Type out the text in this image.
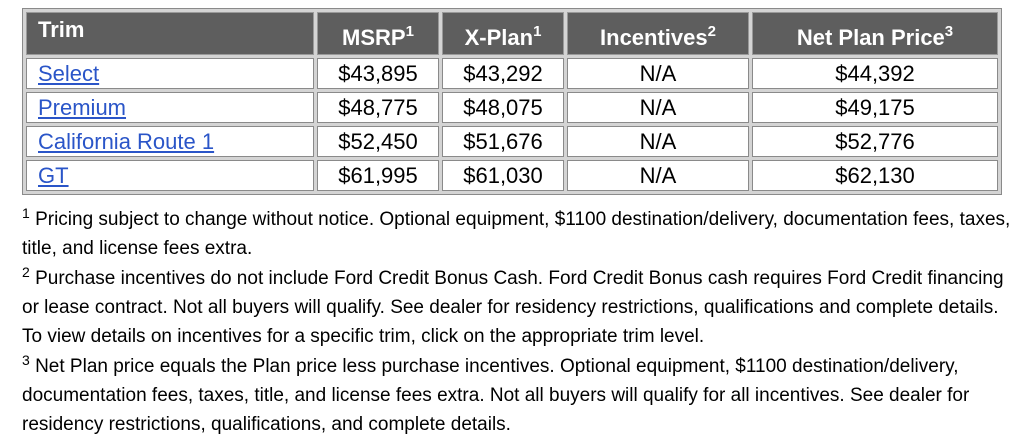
Trim	MSRP$^1$	X-Plan$^1$	Incentives$^2$	Net Plan Price$^3$
Select	$43,895	$43,292	N/A	$44,392
Premium	$48,775	$48,075	N/A	$49,175
California Route 1	$52,450	$51,676	N/A	$52,776
GT	$61,995	$61,030	N/A	$62,130

$^1$ Pricing subject to change without notice. Optional equipment, $1100 destination/delivery, documentation fees, taxes, title, and license fees extra.

$^2$ Purchase incentives do not include Ford Credit Bonus Cash. Ford Credit Bonus cash requires Ford Credit financing or lease contract. Not all buyers will qualify. See dealer for residency restrictions, qualifications and complete details. To view details on incentives for a specific trim, click on the appropriate trim level.

$^3$ Net Plan price equals the Plan price less purchase incentives. Optional equipment, $1100 destination/delivery, documentation fees, taxes, title, and license fees extra. Not all buyers will qualify for all incentives. See dealer for residency restrictions, qualifications, and complete details.
